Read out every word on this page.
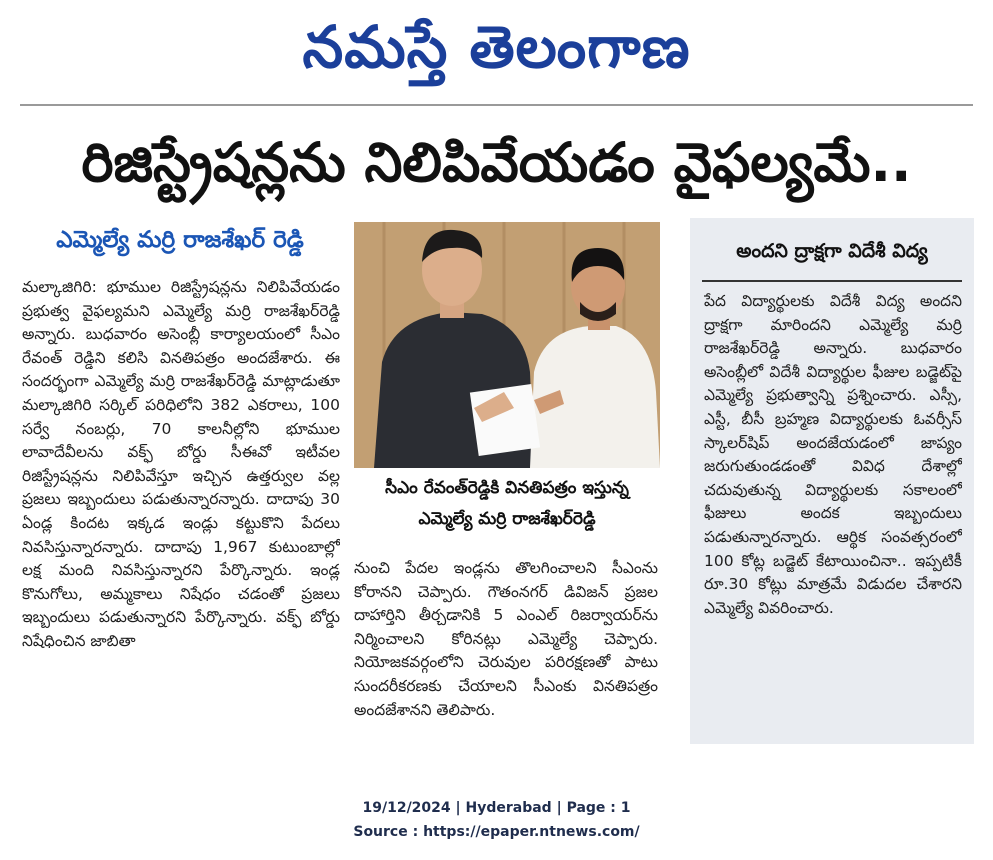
నమస్తే తెలంగాణ
రిజిస్ట్రేషన్లను నిలిపివేయడం వైఫల్యమే..
ఎమ్మెల్యే మర్రి రాజశేఖర్ రెడ్డి
మల్కాజిగిరి: భూముల రిజిస్ట్రేషన్లను నిలిపివేయడం ప్రభుత్వ వైఫల్యమని ఎమ్మెల్యే మర్రి రాజశేఖర్‌రెడ్డి అన్నారు. బుధవారం అసెంబ్లీ కార్యాలయంలో సీఎం రేవంత్ రెడ్డిని కలిసి వినతిపత్రం అందజేశారు. ఈ సందర్భంగా ఎమ్మెల్యే మర్రి రాజశేఖర్‌రెడ్డి మాట్లాడుతూ మల్కాజిగిరి సర్కిల్ పరిధిలోని 382 ఎకరాలు, 100 సర్వే నంబర్లు, 70 కాలనీల్లోని భూముల లావాదేవీలను వక్ఫ్ బోర్డు సీఈవో ఇటీవల రిజిస్ట్రేషన్లను నిలిపివేస్తూ ఇచ్చిన ఉత్తర్వుల వల్ల ప్రజలు ఇబ్బందులు పడుతున్నారన్నారు. దాదాపు 30 ఏండ్ల కిందట ఇక్కడ ఇండ్లు కట్టుకొని పేదలు నివసిస్తున్నారన్నారు. దాదాపు 1,967 కుటుంబాల్లో లక్ష మంది నివసిస్తున్నారని పేర్కొన్నారు. ఇండ్ల కొనుగోలు, అమ్మకాలు నిషేధం చడంతో ప్రజలు ఇబ్బందులు పడుతున్నారని పేర్కొన్నారు. వక్ఫ్ బోర్డు నిషేధించిన జాబితా
సీఎం రేవంత్‌రెడ్డికి వినతిపత్రం ఇస్తున్న
ఎమ్మెల్యే మర్రి రాజశేఖర్‌రెడ్డి
నుంచి పేదల ఇండ్లను తొలగించాలని సీఎంను కోరానని చెప్పారు. గౌతంనగర్ డివిజన్ ప్రజల దాహార్తిని తీర్చడానికి 5 ఎంఎల్ రిజర్వాయర్‌ను నిర్మించాలని కోరినట్లు ఎమ్మెల్యే చెప్పారు. నియోజకవర్గంలోని చెరువుల పరిరక్షణతో పాటు సుందరీకరణకు చేయాలని సీఎంకు వినతిపత్రం అందజేశానని తెలిపారు.
అందని ద్రాక్షగా విదేశీ విద్య
పేద విద్యార్థులకు విదేశీ విద్య అందని ద్రాక్షగా మారిందని ఎమ్మెల్యే మర్రి రాజశేఖర్‌రెడ్డి అన్నారు. బుధవారం అసెంబ్లీలో విదేశీ విద్యార్థుల ఫీజుల బడ్జెట్‌పై ఎమ్మెల్యే ప్రభుత్వాన్ని ప్రశ్నించారు. ఎస్సీ, ఎస్టీ, బీసీ బ్రహ్మణ విద్యార్థులకు ఓవర్సీస్ స్కాలర్‌షిప్ అందజేయడంలో జాప్యం జరుగుతుండడంతో వివిధ దేశాల్లో చదువుతున్న విద్యార్థులకు సకాలంలో ఫీజులు అందక ఇబ్బందులు పడుతున్నారన్నారు. ఆర్థిక సంవత్సరంలో 100 కోట్ల బడ్జెట్ కేటాయించినా.. ఇప్పటికీ రూ.30 కోట్లు మాత్రమే విడుదల చేశారని ఎమ్మెల్యే వివరించారు.
19/12/2024 | Hyderabad | Page : 1
Source : https://epaper.ntnews.com/
